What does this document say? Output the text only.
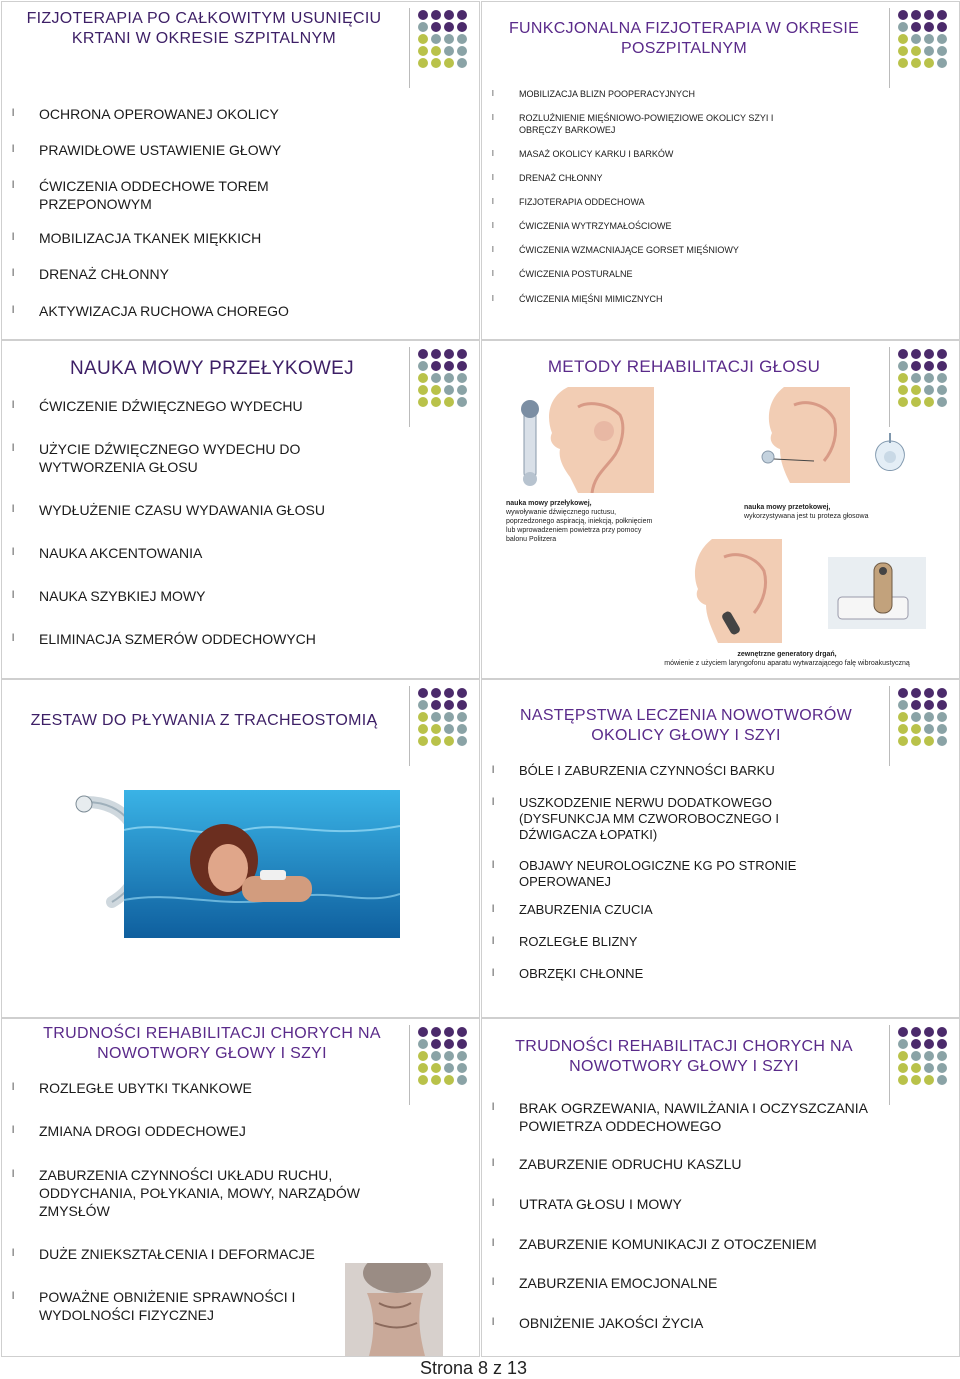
FIZJOTERAPIA PO CAŁKOWITYM USUNIĘCIU KRTANI W OKRESIE SZPITALNYM
l OCHRONA OPEROWANEJ OKOLICY
l PRAWIDŁOWE USTAWIENIE GŁOWY
l ĆWICZENIA ODDECHOWE TOREM PRZEPONOWYM
l MOBILIZACJA TKANEK MIĘKKICH
l DRENAŻ CHŁONNY
l AKTYWIZACJA RUCHOWA CHOREGO
FUNKCJONALNA FIZJOTERAPIA W OKRESIE POSZPITALNYM
l MOBILIZACJA BLIZN POOPERACYJNYCH
l ROZLUŹNIENIE MIĘŚNIOWO-POWIĘZIOWE OKOLICY SZYI I OBRĘCZY BARKOWEJ
l MASAŻ OKOLICY KARKU I BARKÓW
l DRENAŻ CHŁONNY
l FIZJOTERAPIA ODDECHOWA
l ĆWICZENIA WYTRZYMAŁOŚCIOWE
l ĆWICZENIA WZMACNIAJĄCE GORSET MIĘŚNIOWY
l ĆWICZENIA POSTURALNE
l ĆWICZENIA MIĘŚNI MIMICZNYCH
NAUKA MOWY PRZEŁYKOWEJ
l ĆWICZENIE DŹWIĘCZNEGO WYDECHU
l UŻYCIE DŹWIĘCZNEGO WYDECHU DO WYTWORZENIA GŁOSU
l WYDŁUŻENIE CZASU WYDAWANIA GŁOSU
l NAUKA AKCENTOWANIA
l NAUKA SZYBKIEJ MOWY
l ELIMINACJA SZMERÓW ODDECHOWYCH
METODY REHABILITACJI GŁOSU
nauka mowy przełykowej,
wywoływanie dźwięcznego ructusu, poprzedzonego aspiracją, iniekcją, połknięciem lub wprowadzeniem powietrza przy pomocy balonu Politzera
nauka mowy przetokowej,
wykorzystywana jest tu proteza głosowa
zewnętrzne generatory drgań,
mówienie z użyciem laryngofonu aparatu wytwarzającego falę wibroakustyczną
ZESTAW DO PŁYWANIA Z TRACHEOSTOMIĄ	NASTĘPSTWA LECZENIA NOWOTWORÓW OKOLICY GŁOWY I SZYI
l BÓLE I ZABURZENIA CZYNNOŚCI BARKU
l USZKODZENIE NERWU DODATKOWEGO (DYSFUNKCJA MM CZWOROBOCZNEGO I DŹWIGACZA ŁOPATKI)
l OBJAWY NEUROLOGICZNE KG PO STRONIE OPEROWANEJ
l ZABURZENIA CZUCIA
l ROZLEGŁE BLIZNY
l OBRZĘKI CHŁONNE
TRUDNOŚCI REHABILITACJI CHORYCH NA NOWOTWORY GŁOWY I SZYI
l ROZLEGŁE UBYTKI TKANKOWE
l ZMIANA DROGI ODDECHOWEJ
l ZABURZENIA CZYNNOŚCI UKŁADU RUCHU, ODDYCHANIA, POŁYKANIA, MOWY, NARZĄDÓW ZMYSŁÓW
l DUŻE ZNIEKSZTAŁCENIA I DEFORMACJE
l POWAŻNE OBNIŻENIE SPRAWNOŚCI I WYDOLNOŚCI FIZYCZNEJ
TRUDNOŚCI REHABILITACJI CHORYCH NA NOWOTWORY GŁOWY I SZYI
l BRAK OGRZEWANIA, NAWILŻANIA I OCZYSZCZANIA POWIETRZA ODDECHOWEGO
l ZABURZENIE ODRUCHU KASZLU
l UTRATA GŁOSU I MOWY
l ZABURZENIE KOMUNIKACJI Z OTOCZENIEM
l ZABURZENIA EMOCJONALNE
l OBNIŻENIE JAKOŚCI ŻYCIA
Strona 8 z 13
